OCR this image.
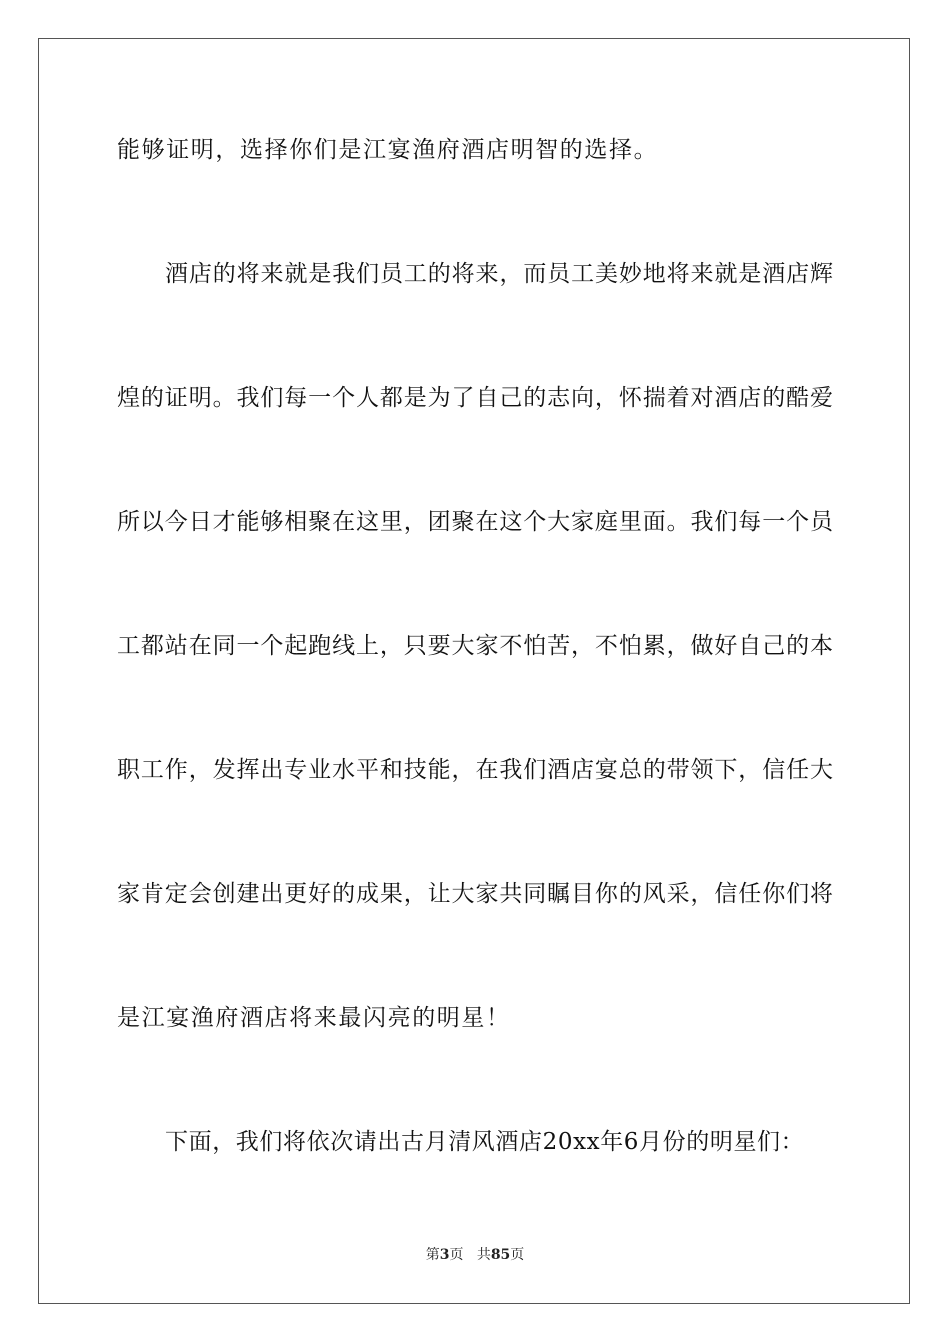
能够证明，选择你们是江宴渔府酒店明智的选择。
酒店的将来就是我们员工的将来，而员工美妙地将来就是酒店辉
煌的证明。我们每一个人都是为了自己的志向，怀揣着对酒店的酷爱
所以今日才能够相聚在这里，团聚在这个大家庭里面。我们每一个员
工都站在同一个起跑线上，只要大家不怕苦，不怕累，做好自己的本
职工作，发挥出专业水平和技能，在我们酒店宴总的带领下，信任大
家肯定会创建出更好的成果，让大家共同瞩目你的风采，信任你们将
是江宴渔府酒店将来最闪亮的明星！
下面，我们将依次请出古月清风酒店20xx年6月份的明星们：
第3页 共85页
